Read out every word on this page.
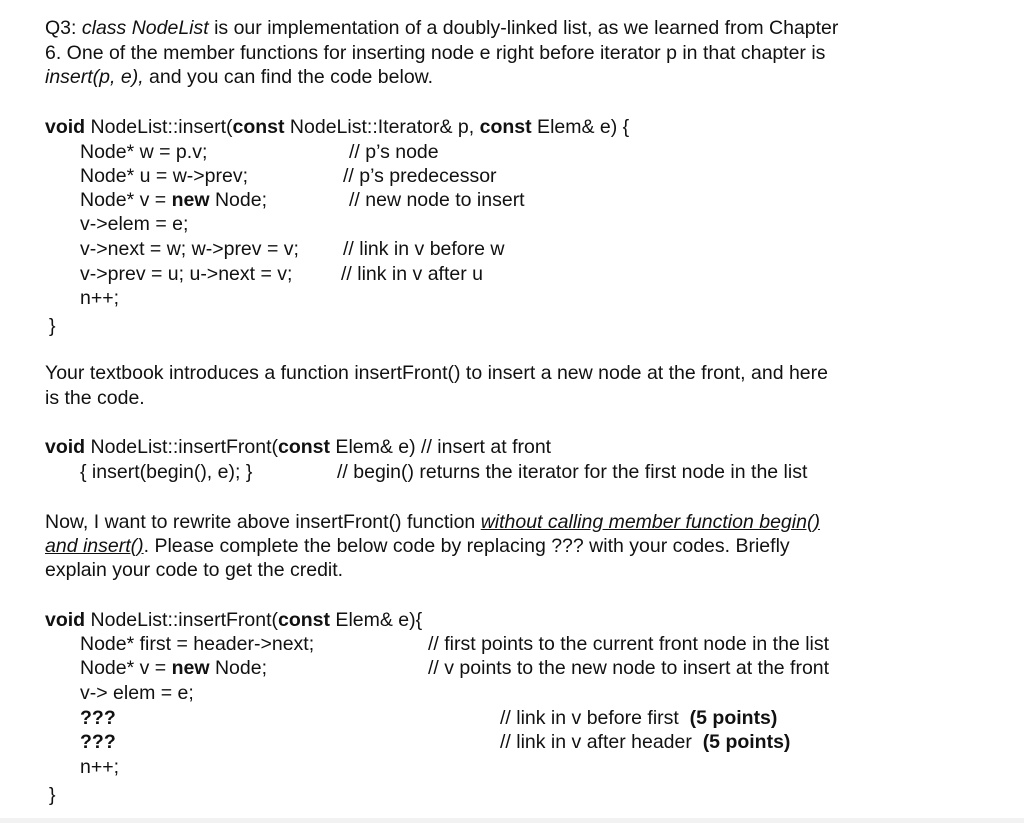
Q3: class NodeList is our implementation of a doubly-linked list, as we learned from Chapter
6. One of the member functions for inserting node e right before iterator p in that chapter is
insert(p, e), and you can find the code below.
void NodeList::insert(const NodeList::Iterator& p, const Elem& e) {
Node* w = p.v;	// p’s node
Node* u = w->prev;	// p’s predecessor
Node* v = new Node;	// new node to insert
v->elem = e;
v->next = w; w->prev = v; // link in v before w
v->prev = u; u->next = v; // link in v after u
n++;
}
Your textbook introduces a function insertFront() to insert a new node at the front, and here
is the code.
void NodeList::insertFront(const Elem& e) // insert at front
{ insert(begin(), e); }	// begin() returns the iterator for the first node in the list
Now, I want to rewrite above insertFront() function without calling member function begin()
and insert(). Please complete the below code by replacing ??? with your codes. Briefly
explain your code to get the credit.
void NodeList::insertFront(const Elem& e){
Node* first = header->next;	// first points to the current front node in the list
Node* v = new Node;	// v points to the new node to insert at the front
v-> elem = e;
???	// link in v before first  (5 points)
???	// link in v after header  (5 points)
n++;
}
